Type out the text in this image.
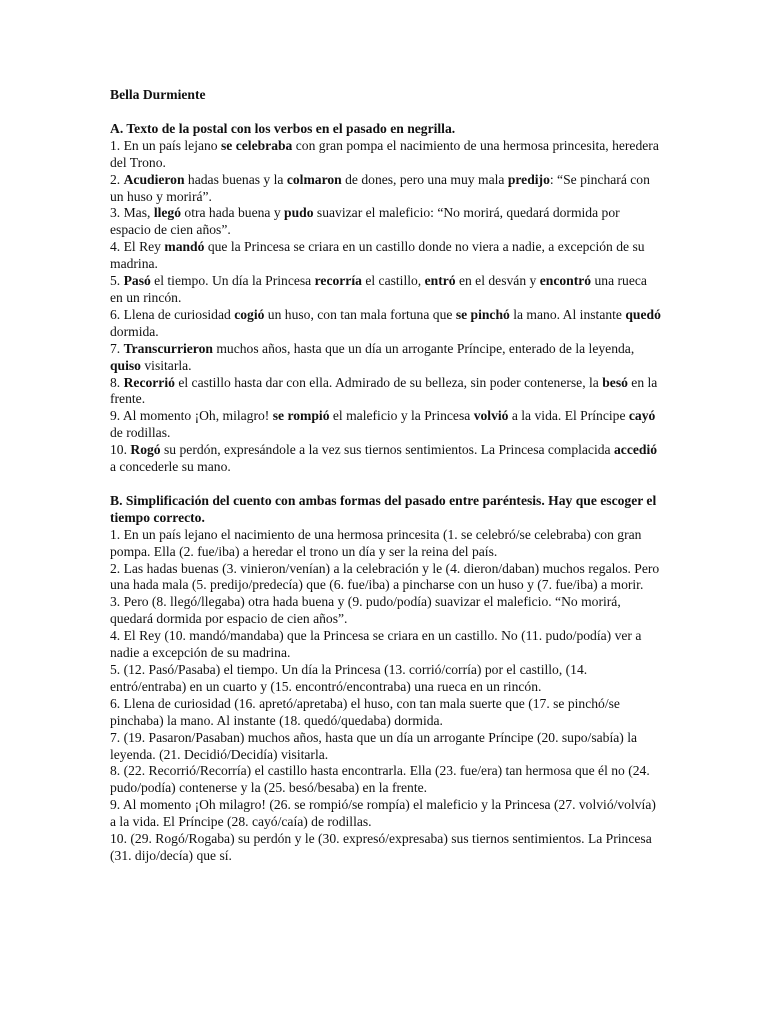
Bella Durmiente

A. Texto de la postal con los verbos en el pasado en negrilla.

1. En un país lejano se celebraba con gran pompa el nacimiento de una hermosa princesita, heredera del Trono.

2. Acudieron hadas buenas y la colmaron de dones, pero una muy mala predijo: “Se pinchará con un huso y morirá”.

3. Mas, llegó otra hada buena y pudo suavizar el maleficio: “No morirá, quedará dormida por espacio de cien años”.

4. El Rey mandó que la Princesa se criara en un castillo donde no viera a nadie, a excepción de su madrina.

5. Pasó el tiempo. Un día la Princesa recorría el castillo, entró en el desván y encontró una rueca en un rincón.

6. Llena de curiosidad cogió un huso, con tan mala fortuna que se pinchó la mano. Al instante quedó dormida.

7. Transcurrieron muchos años, hasta que un día un arrogante Príncipe, enterado de la leyenda, quiso visitarla.

8. Recorrió el castillo hasta dar con ella. Admirado de su belleza, sin poder contenerse, la besó en la frente.

9. Al momento ¡Oh, milagro! se rompió el maleficio y la Princesa volvió a la vida. El Príncipe cayó de rodillas.

10. Rogó su perdón, expresándole a la vez sus tiernos sentimientos. La Princesa complacida accedió a concederle su mano.

B. Simplificación del cuento con ambas formas del pasado entre paréntesis. Hay que escoger el tiempo correcto.

1. En un país lejano el nacimiento de una hermosa princesita (1. se celebró/se celebraba) con gran pompa. Ella (2. fue/iba) a heredar el trono un día y ser la reina del país.

2. Las hadas buenas (3. vinieron/venían) a la celebración y le (4. dieron/daban) muchos regalos. Pero una hada mala (5. predijo/predecía) que (6. fue/iba) a pincharse con un huso y (7. fue/iba) a morir.

3. Pero (8. llegó/llegaba) otra hada buena y (9. pudo/podía) suavizar el maleficio. “No morirá, quedará dormida por espacio de cien años”.

4. El Rey (10. mandó/mandaba) que la Princesa se criara en un castillo. No (11. pudo/podía) ver a nadie a excepción de su madrina.

5. (12. Pasó/Pasaba) el tiempo. Un día la Princesa (13. corrió/corría) por el castillo, (14. entró/entraba) en un cuarto y (15. encontró/encontraba) una rueca en un rincón.

6. Llena de curiosidad (16. apretó/apretaba) el huso, con tan mala suerte que (17. se pinchó/se pinchaba) la mano. Al instante (18. quedó/quedaba) dormida.

7. (19. Pasaron/Pasaban) muchos años, hasta que un día un arrogante Príncipe (20. supo/sabía) la leyenda. (21. Decidió/Decidía) visitarla.

8. (22. Recorrió/Recorría) el castillo hasta encontrarla. Ella (23. fue/era) tan hermosa que él no (24. pudo/podía) contenerse y la (25. besó/besaba) en la frente.

9. Al momento ¡Oh milagro! (26. se rompió/se rompía) el maleficio y la Princesa (27. volvió/volvía) a la vida. El Príncipe (28. cayó/caía) de rodillas.

10. (29. Rogó/Rogaba) su perdón y le (30. expresó/expresaba) sus tiernos sentimientos. La Princesa (31. dijo/decía) que sí.
